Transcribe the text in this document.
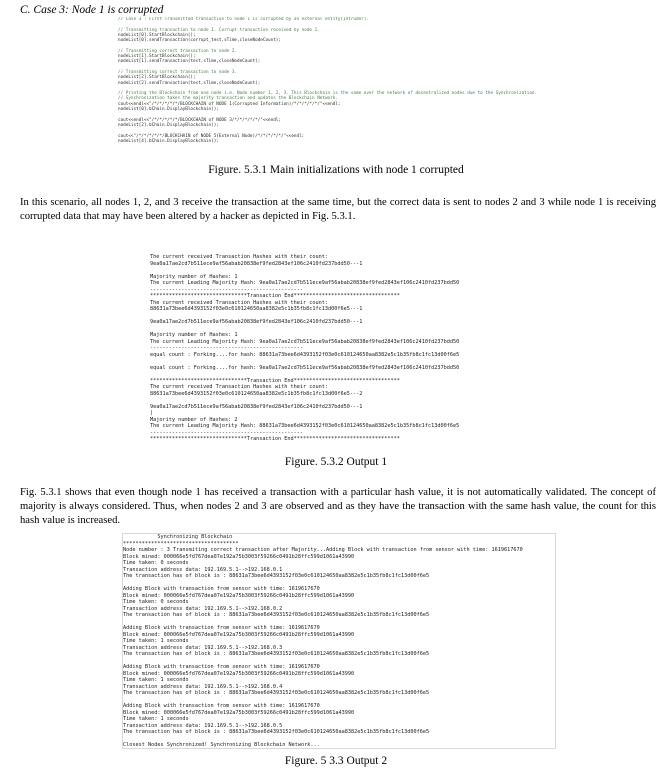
C. Case 3: Node 1 is corrupted
// Case 3 : First Transmitted transaction to node 1 is corrupted by an external entity(Intruder).

// Transmitting transaction to node 1. Corrupt transaction received by node 1.
nodeList[0].StartBlockchain();
nodeList[0].sendTransaction(corrupt_test,sTime,closeNodeCount);

// Transmitting correct transaction to node 2.
nodeList[1].StartBlockchain();
nodeList[1].sendTransaction(test,sTime,closeNodeCount);

// Transmitting correct transaction to node 3.
nodeList[2].StartBlockchain();
nodeList[2].sendTransaction(test,sTime,closeNodeCount);

// Printing the Blockchain from one node i.e. Node number 1, 2, 3. This Blockchain is the same over the network of decentralized nodes due to the Synchronization.
// Synchronization takes the majority transaction and updates the Blockchain Network.
cout<<endl<<"/*/*/*/*/*/BLOCKCHAIN of NODE 1(Corrupted Information)/*/*/*/*/*/"<<endl;
nodeList[0].bChain.DisplayBlockchain();

cout<<endl<<"/*/*/*/*/*/BLOCKCHAIN of NODE 3/*/*/*/*/*/"<<endl;
nodeList[2].bChain.DisplayBlockchain();

cout<<"/*/*/*/*/*/BLOCKCHAIN of NODE 5(External Node)/*/*/*/*/*/"<<endl;
nodeList[4].bChain.DisplayBlockchain();
Figure. 5.3.1 Main initializations with node 1 corrupted
In this scenario, all nodes 1, 2, and 3 receive the transaction at the same time, but the correct data is sent to nodes 2 and 3 while node 1 is receiving corrupted data that may have been altered by a hacker as depicted in Fig. 5.3.1.
The current received Transaction Hashes with their count:
9ea0a17ae2cd7b511ece9af56abab20838ef9fed2843ef106c2410fd237bdd50---1

Majority number of Hashes: 1
The current Leading Majority Hash: 9ea0a17ae2cd7b511ece9af56abab20838ef9fed2843ef106c2410fd237bdd50
-------------------------------------------------
*******************************Transaction End**********************************
The current received Transaction Hashes with their count:
88631a73bee6d4393152f03e0c610124650aa8382e5c1b35fb8c1fc13d00f6e5---1

9ea0a17ae2cd7b511ece9af56abab20838ef9fed2843ef106c2410fd237bdd50---1

Majority number of Hashes: 1
The current Leading Majority Hash: 9ea0a17ae2cd7b511ece9af56abab20838ef9fed2843ef106c2410fd237bdd50
-------------------------------------------------
equal count : Forking....for hash: 88631a73bee6d4393152f03e0c610124650aa8382e5c1b35fb8c1fc13d00f6e5

equal count : Forking....for hash: 9ea0a17ae2cd7b511ece9af56abab20838ef9fed2843ef106c2410fd237bdd50

*******************************Transaction End**********************************
The current received Transaction Hashes with their count:
88631a73bee6d4393152f03e0c610124650aa8382e5c1b35fb8c1fc13d00f6e5---2

9ea0a17ae2cd7b511ece9af56abab20838ef9fed2843ef106c2410fd237bdd50---1
|
Majority number of Hashes: 2
The current Leading Majority Hash: 88631a73bee6d4393152f03e0c610124650aa8382e5c1b35fb8c1fc13d00f6e5
-------------------------------------------------
*******************************Transaction End**********************************
Figure. 5.3.2 Output 1
Fig. 5.3.1 shows that even though node 1 has received a transaction with a particular hash value, it is not automatically validated. The concept of majority is always considered. Thus, when nodes 2 and 3 are observed and as they have the transaction with the same hash value, the count for this hash value is increased.
Synchronizing Blockchain
*************************************
Node number : 3 Transmiting correct transaction after Majority...Adding Block with transaction from sensor with time: 1619617670
Block mined: 000066e5fd767dea07e192a75b3003f59266c0491b28ffc599d1061a43990
Time taken: 0 seconds
Transaction address data: 192.169.5.1-->192.168.0.1
The transaction has of block is : 88631a73bee6d4393152f03e0c610124650aa8382e5c1b35fb8c1fc13d00f6e5

Adding Block with transaction from sensor with time: 1619617670
Block mined: 000066e5fd767dea07e192a75b3003f59266c0491b28ffc599d1061a43990
Time taken: 0 seconds
Transaction address data: 192.169.5.1-->192.168.0.2
The transaction has of block is : 88631a73bee6d4393152f03e0c610124650aa8382e5c1b35fb8c1fc13d00f6e5

Adding Block with transaction from sensor with time: 1619617670
Block mined: 000066e5fd767dea07e192a75b3003f59266c0491b28ffc599d1061a43990
Time taken: 1 seconds
Transaction address data: 192.169.5.1-->192.168.0.3
The transaction has of block is : 88631a73bee6d4393152f03e0c610124650aa8382e5c1b35fb8c1fc13d00f6e5

Adding Block with transaction from sensor with time: 1619617670
Block mined: 000066e5fd767dea07e192a75b3003f59266c0491b28ffc599d1061a43990
Time taken: 1 seconds
Transaction address data: 192.169.5.1-->192.168.0.4
The transaction has of block is : 88631a73bee6d4393152f03e0c610124650aa8382e5c1b35fb8c1fc13d00f6e5

Adding Block with transaction from sensor with time: 1619617670
Block mined: 000066e5fd767dea07e192a75b3003f59266c0491b28ffc599d1061a43990
Time taken: 1 seconds
Transaction address data: 192.169.5.1-->192.168.0.5
The transaction has of block is : 88631a73bee6d4393152f03e0c610124650aa8382e5c1b35fb8c1fc13d00f6e5

Closest Nodes Synchronized! Synchronizing Blockchain Network...
Figure. 5 3.3 Output 2
